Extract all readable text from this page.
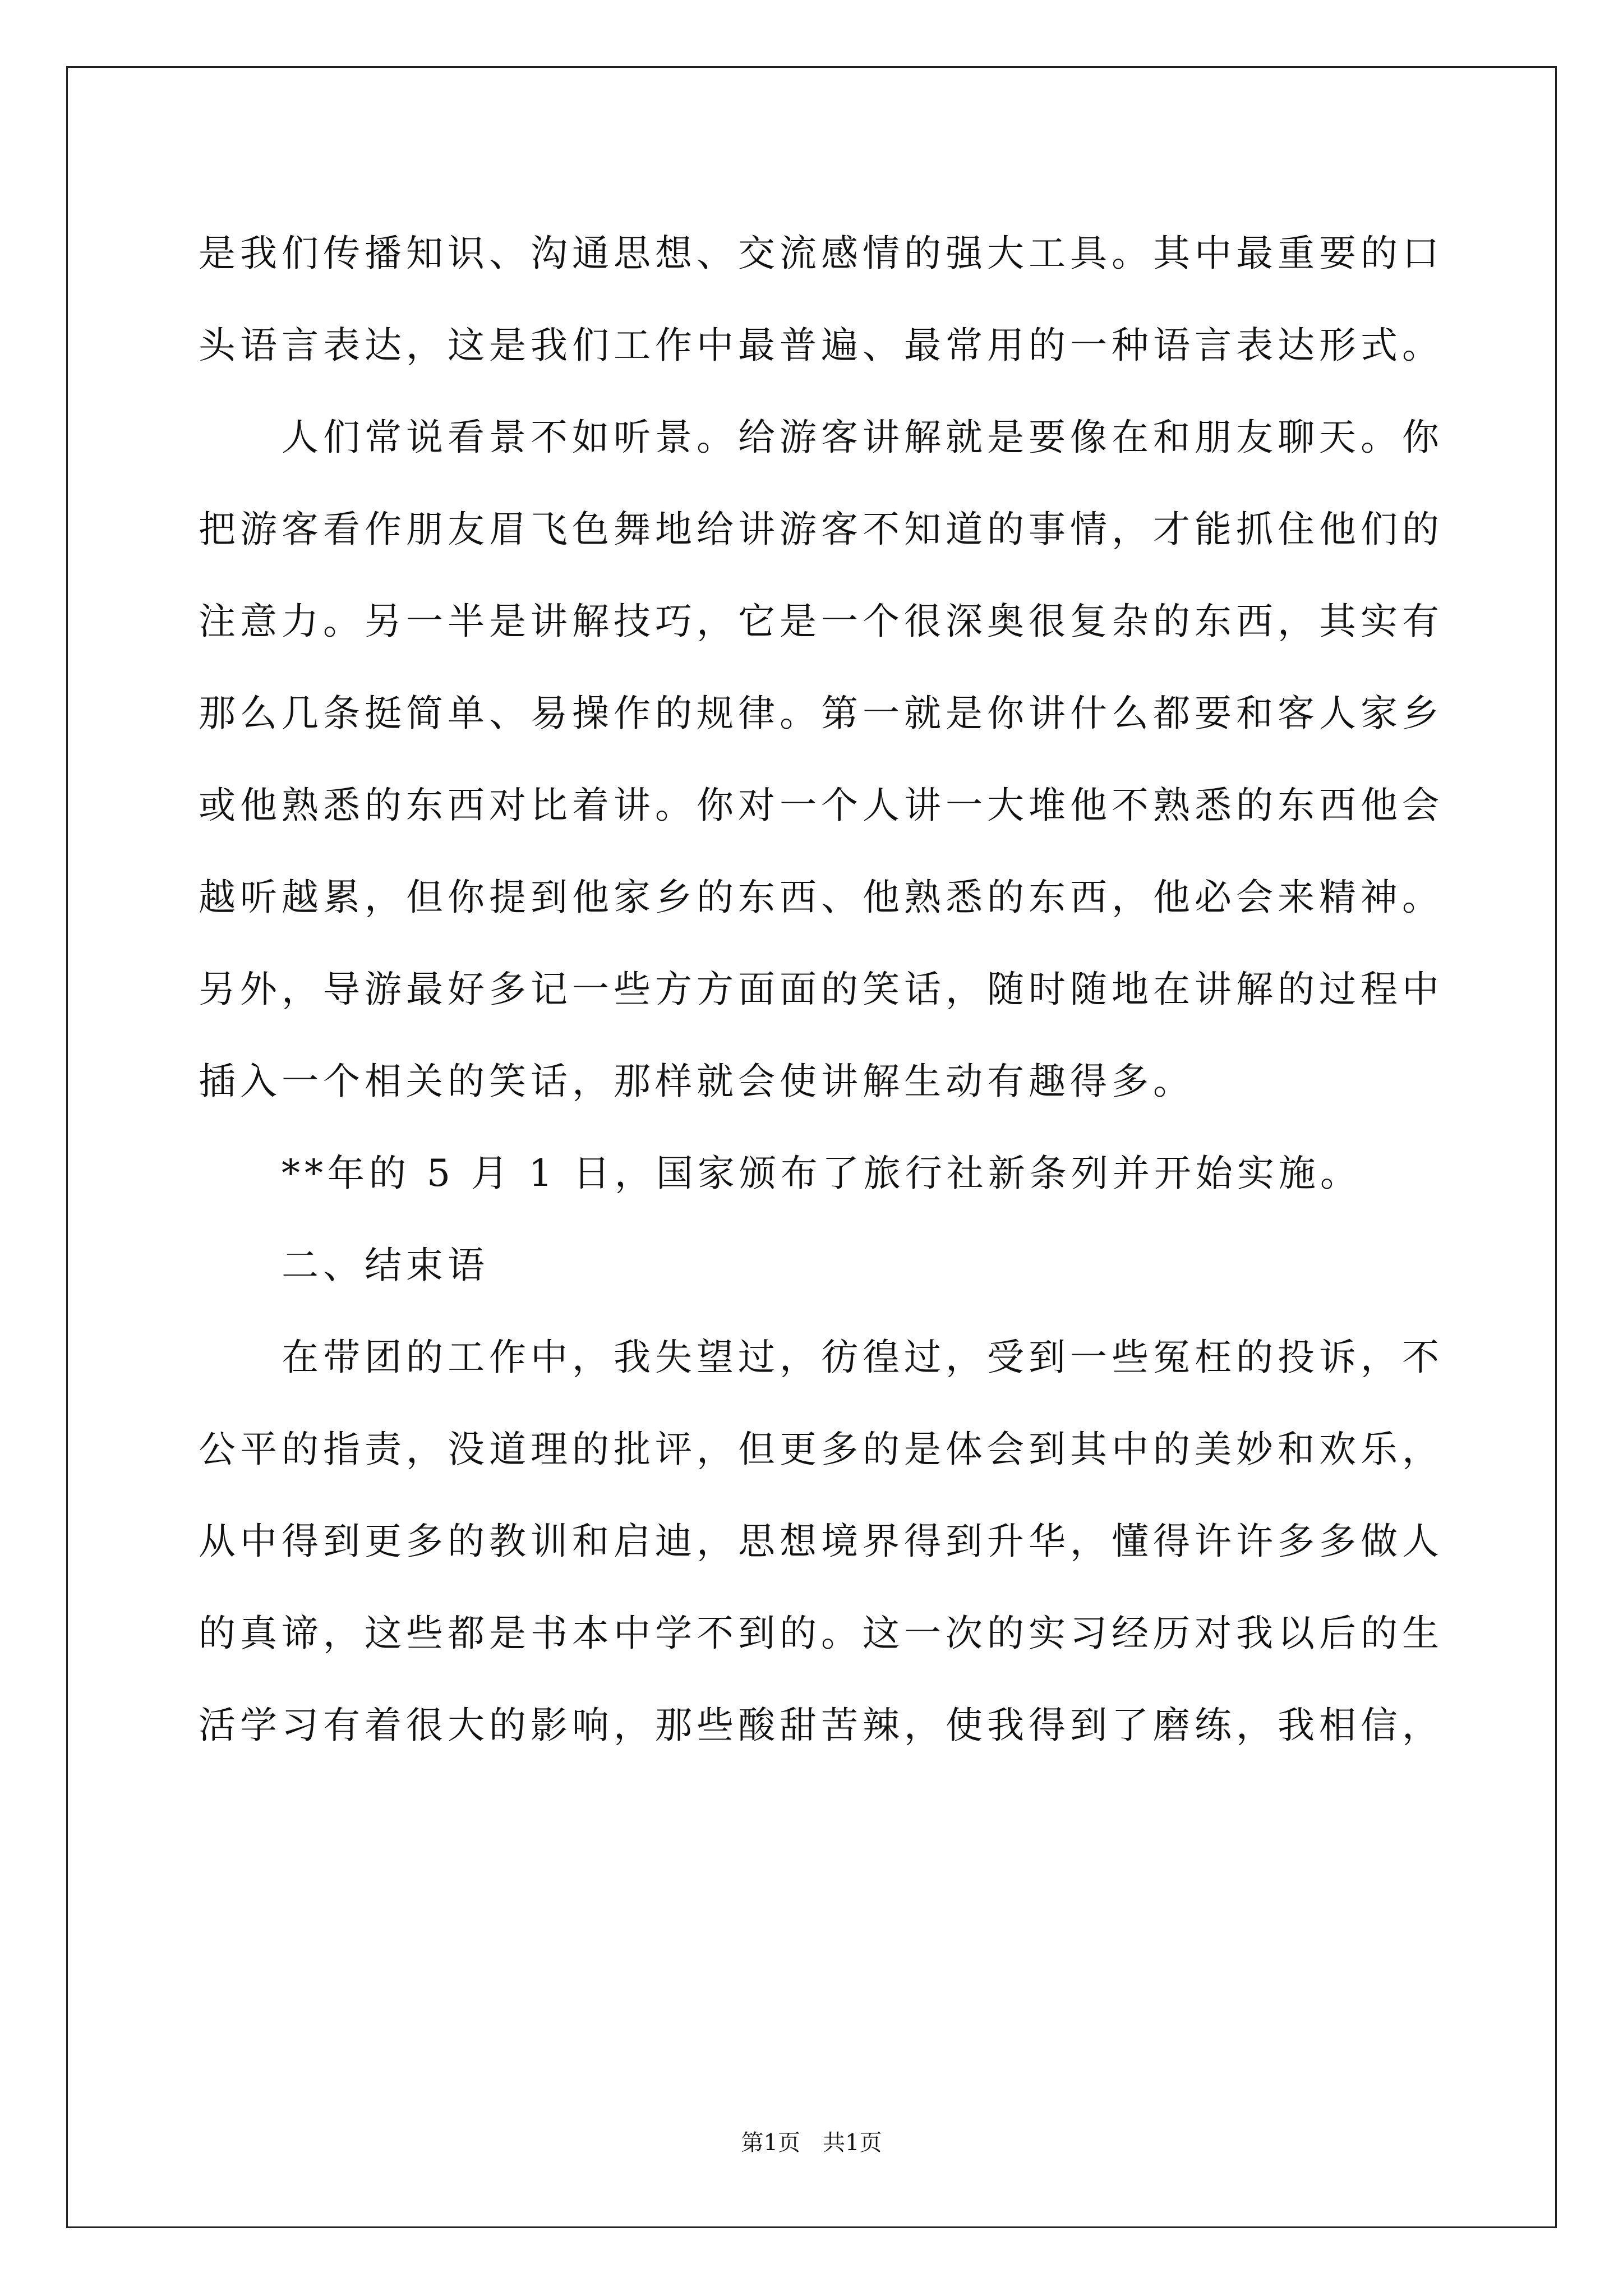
是我们传播知识、沟通思想、交流感情的强大工具。其中最重要的口
头语言表达，这是我们工作中最普遍、最常用的一种语言表达形式。
　　人们常说看景不如听景。给游客讲解就是要像在和朋友聊天。你
把游客看作朋友眉飞色舞地给讲游客不知道的事情，才能抓住他们的
注意力。另一半是讲解技巧，它是一个很深奥很复杂的东西，其实有
那么几条挺简单、易操作的规律。第一就是你讲什么都要和客人家乡
或他熟悉的东西对比着讲。你对一个人讲一大堆他不熟悉的东西他会
越听越累，但你提到他家乡的东西、他熟悉的东西，他必会来精神。
另外，导游最好多记一些方方面面的笑话，随时随地在讲解的过程中
插入一个相关的笑话，那样就会使讲解生动有趣得多。
　　**年的 5 月 1 日，国家颁布了旅行社新条列并开始实施。
　　二、结束语
　　在带团的工作中，我失望过，彷徨过，受到一些冤枉的投诉，不
公平的指责，没道理的批评，但更多的是体会到其中的美妙和欢乐，
从中得到更多的教训和启迪，思想境界得到升华，懂得许许多多做人
的真谛，这些都是书本中学不到的。这一次的实习经历对我以后的生
活学习有着很大的影响，那些酸甜苦辣，使我得到了磨练，我相信，
第1页　共1页
